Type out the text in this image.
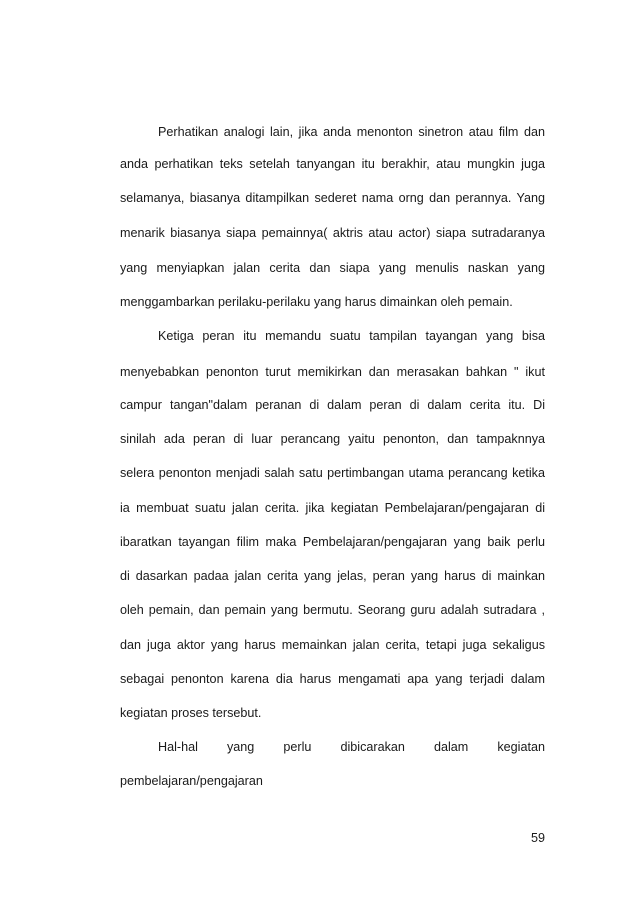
Perhatikan analogi lain, jika anda menonton sinetron atau film dan
anda perhatikan teks setelah tanyangan itu berakhir, atau mungkin juga
selamanya, biasanya ditampilkan sederet nama orng dan perannya. Yang
menarik biasanya siapa pemainnya( aktris atau actor) siapa sutradaranya
yang menyiapkan jalan cerita dan siapa yang menulis naskan yang
menggambarkan perilaku-perilaku yang harus dimainkan oleh pemain.
Ketiga peran itu memandu suatu tampilan tayangan yang bisa
menyebabkan penonton turut memikirkan dan merasakan bahkan " ikut
campur tangan"dalam peranan di dalam peran di dalam cerita itu. Di
sinilah ada peran di luar perancang yaitu penonton, dan tampaknnya
selera penonton menjadi salah satu pertimbangan utama perancang ketika
ia membuat suatu jalan cerita. jika kegiatan Pembelajaran/pengajaran di
ibaratkan tayangan filim maka Pembelajaran/pengajaran yang baik perlu
di dasarkan padaa jalan cerita yang jelas, peran yang harus di mainkan
oleh pemain, dan pemain yang bermutu. Seorang guru adalah sutradara ,
dan juga aktor yang harus memainkan jalan cerita, tetapi juga sekaligus
sebagai penonton karena dia harus mengamati apa yang terjadi dalam
kegiatan proses tersebut.
Hal-hal yang perlu dibicarakan dalam kegiatan
pembelajaran/pengajaran
59
